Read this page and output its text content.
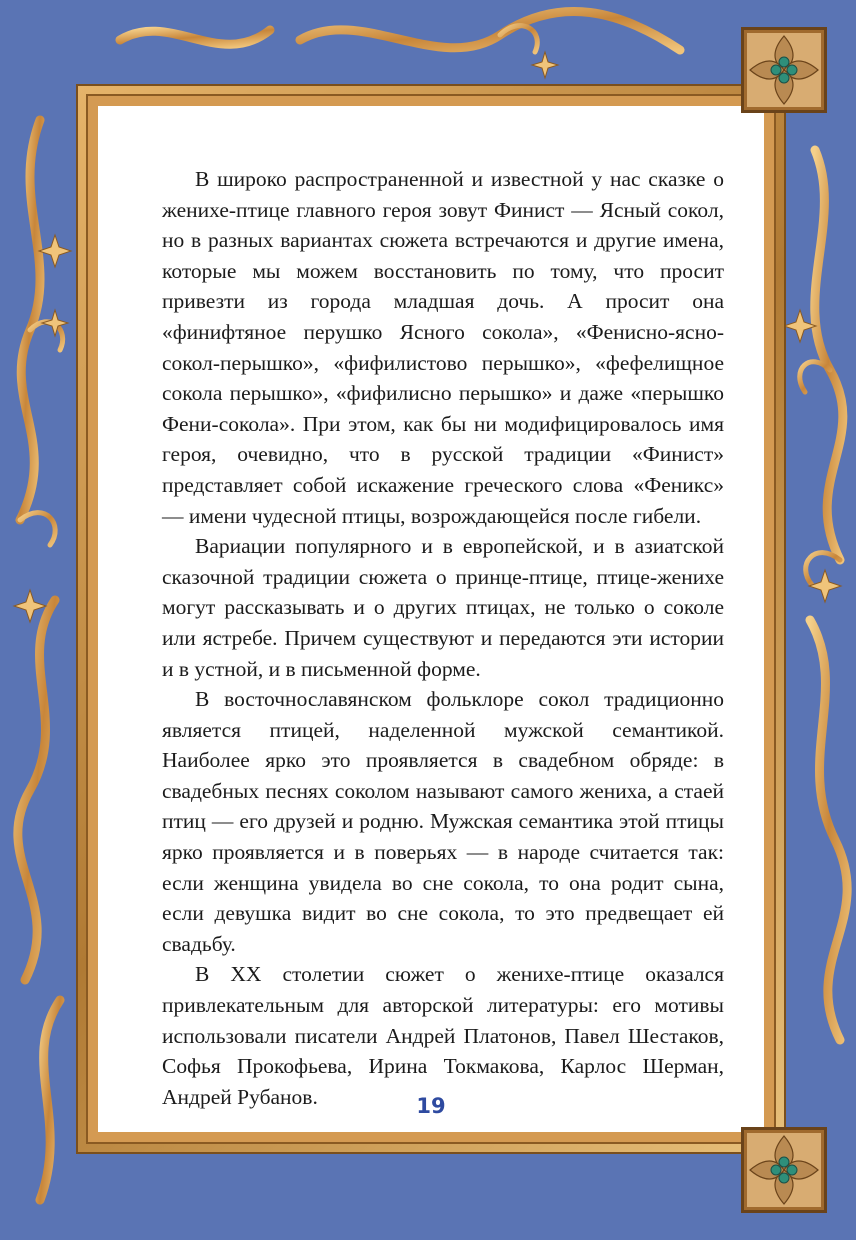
В широко распространенной и известной у нас сказке о женихе-птице главного героя зовут Финист — Ясный сокол, но в разных вариантах сюжета встречаются и другие имена, которые мы можем восстановить по тому, что просит привезти из города младшая дочь. А просит она «финифтяное перушко Ясного сокола», «Фенисно-ясно-сокол-перышко», «фифилистово перышко», «фефелищное сокола перышко», «фифилисно перышко» и даже «перышко Фени-сокола». При этом, как бы ни модифицировалось имя героя, очевидно, что в русской традиции «Финист» представляет собой искажение греческого слова «Феникс» — имени чудесной птицы, возрождающейся после гибели.

Вариации популярного и в европейской, и в азиатской сказочной традиции сюжета о принце-птице, птице-женихе могут рассказывать и о других птицах, не только о соколе или ястребе. Причем существуют и передаются эти истории и в устной, и в письменной форме.

В восточнославянском фольклоре сокол традиционно является птицей, наделенной мужской семантикой. Наиболее ярко это проявляется в свадебном обряде: в свадебных песнях соколом называют самого жениха, а стаей птиц — его друзей и родню. Мужская семантика этой птицы ярко проявляется и в поверьях — в народе считается так: если женщина увидела во сне сокола, то она родит сына, если девушка видит во сне сокола, то это предвещает ей свадьбу.

В XX столетии сюжет о женихе-птице оказался привлекательным для авторской литературы: его мотивы использовали писатели Андрей Платонов, Павел Шестаков, Софья Прокофьева, Ирина Токмакова, Карлос Шерман, Андрей Рубанов.	19
